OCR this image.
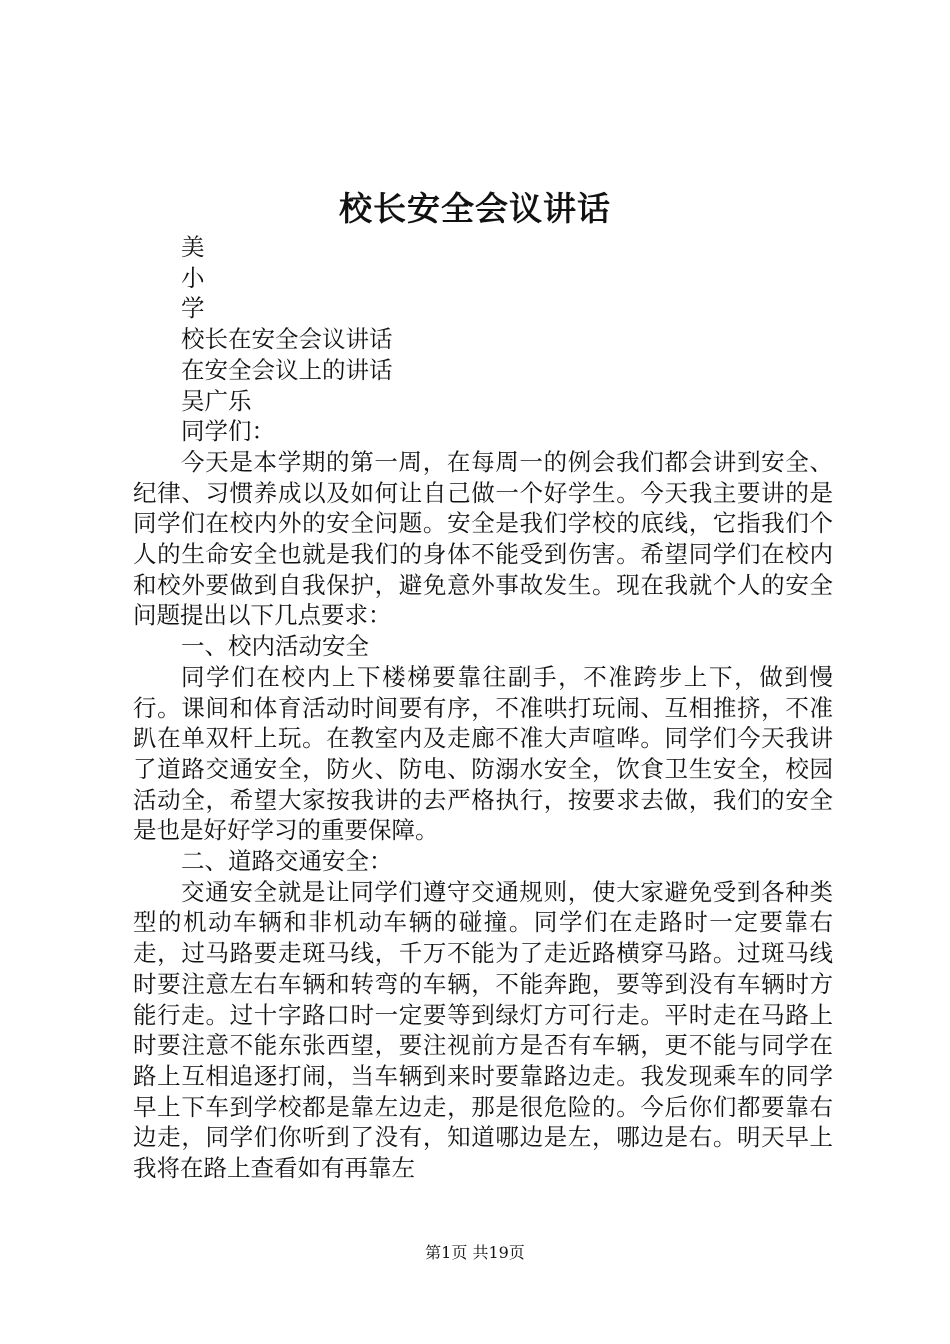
校长安全会议讲话

美

小

学

校长在安全会议讲话

在安全会议上的讲话

吴广乐

同学们：

今天是本学期的第一周，在每周一的例会我们都会讲到安全、纪律、习惯养成以及如何让自己做一个好学生。今天我主要讲的是同学们在校内外的安全问题。安全是我们学校的底线，它指我们个人的生命安全也就是我们的身体不能受到伤害。希望同学们在校内和校外要做到自我保护，避免意外事故发生。现在我就个人的安全问题提出以下几点要求：

一、校内活动安全

同学们在校内上下楼梯要靠往副手，不准跨步上下，做到慢行。课间和体育活动时间要有序，不准哄打玩闹、互相推挤，不准趴在单双杆上玩。在教室内及走廊不准大声喧哗。同学们今天我讲了道路交通安全，防火、防电、防溺水安全，饮食卫生安全，校园活动全，希望大家按我讲的去严格执行，按要求去做，我们的安全是也是好好学习的重要保障。

二、道路交通安全：

交通安全就是让同学们遵守交通规则，使大家避免受到各种类型的机动车辆和非机动车辆的碰撞。同学们在走路时一定要靠右走，过马路要走斑马线，千万不能为了走近路横穿马路。过斑马线时要注意左右车辆和转弯的车辆，不能奔跑，要等到没有车辆时方能行走。过十字路口时一定要等到绿灯方可行走。平时走在马路上时要注意不能东张西望，要注视前方是否有车辆，更不能与同学在路上互相追逐打闹，当车辆到来时要靠路边走。我发现乘车的同学早上下车到学校都是靠左边走，那是很危险的。今后你们都要靠右边走，同学们你听到了没有，知道哪边是左，哪边是右。明天早上我将在路上查看如有再靠左

第1页 共19页
